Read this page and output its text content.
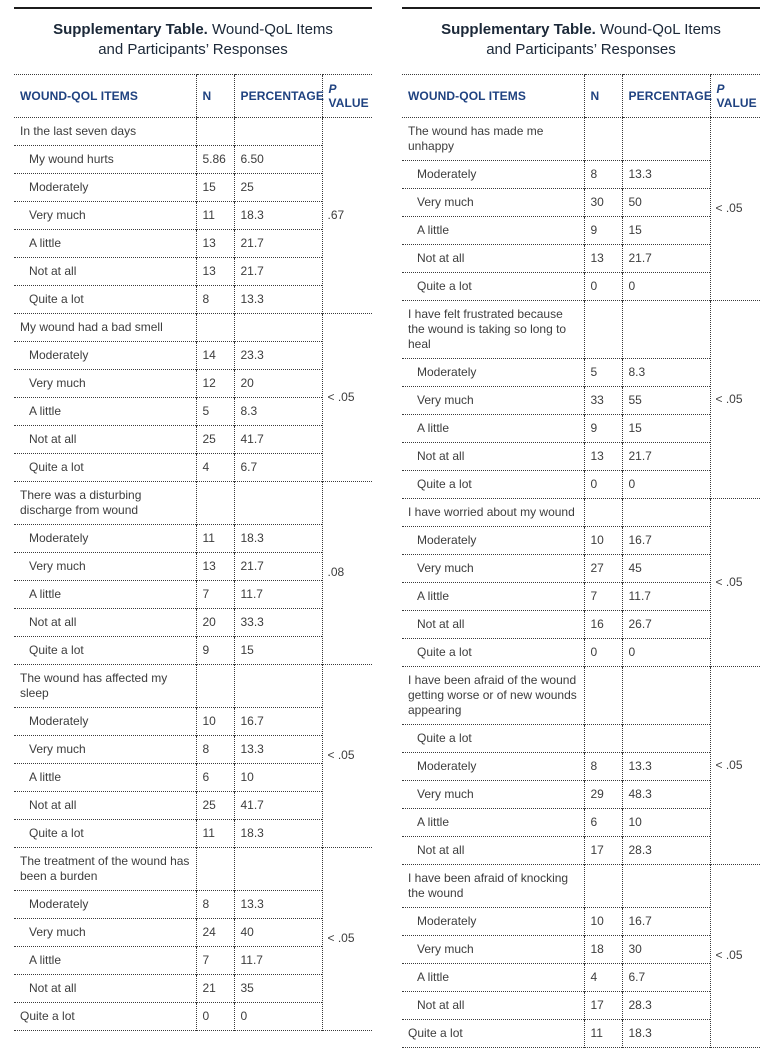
Supplementary Table. Wound-QoL Items and Participants’ Responses
WOUND-QOL ITEMS	N	PERCENTAGE	P
VALUE
In the last seven days			.67
My wound hurts	5.86	6.50	
Moderately	15	25	
Very much	11	18.3	
A little	13	21.7	
Not at all	13	21.7	
Quite a lot	8	13.3	
My wound had a bad smell			< .05
Moderately	14	23.3	
Very much	12	20	
A little	5	8.3	
Not at all	25	41.7	
Quite a lot	4	6.7	
There was a disturbing discharge from wound			.08
Moderately	11	18.3	
Very much	13	21.7	
A little	7	11.7	
Not at all	20	33.3	
Quite a lot	9	15	
The wound has affected my sleep			< .05
Moderately	10	16.7	
Very much	8	13.3	
A little	6	10	
Not at all	25	41.7	
Quite a lot	11	18.3	
The treatment of the wound has been a burden			< .05
Moderately	8	13.3	
Very much	24	40	
A little	7	11.7	
Not at all	21	35	
Quite a lot	0	0	
Supplementary Table. Wound-QoL Items and Participants’ Responses
WOUND-QOL ITEMS	N	PERCENTAGE	P
VALUE
The wound has made me unhappy			< .05
Moderately	8	13.3	
Very much	30	50	
A little	9	15	
Not at all	13	21.7	
Quite a lot	0	0	
I have felt frustrated because the wound is taking so long to heal			< .05
Moderately	5	8.3	
Very much	33	55	
A little	9	15	
Not at all	13	21.7	
Quite a lot	0	0	
I have worried about my wound			< .05
Moderately	10	16.7	
Very much	27	45	
A little	7	11.7	
Not at all	16	26.7	
Quite a lot	0	0	
I have been afraid of the wound getting worse or of new wounds appearing			< .05
Quite a lot			
Moderately	8	13.3	
Very much	29	48.3	
A little	6	10	
Not at all	17	28.3	
I have been afraid of knocking the wound			< .05
Moderately	10	16.7	
Very much	18	30	
A little	4	6.7	
Not at all	17	28.3	
Quite a lot	11	18.3	
